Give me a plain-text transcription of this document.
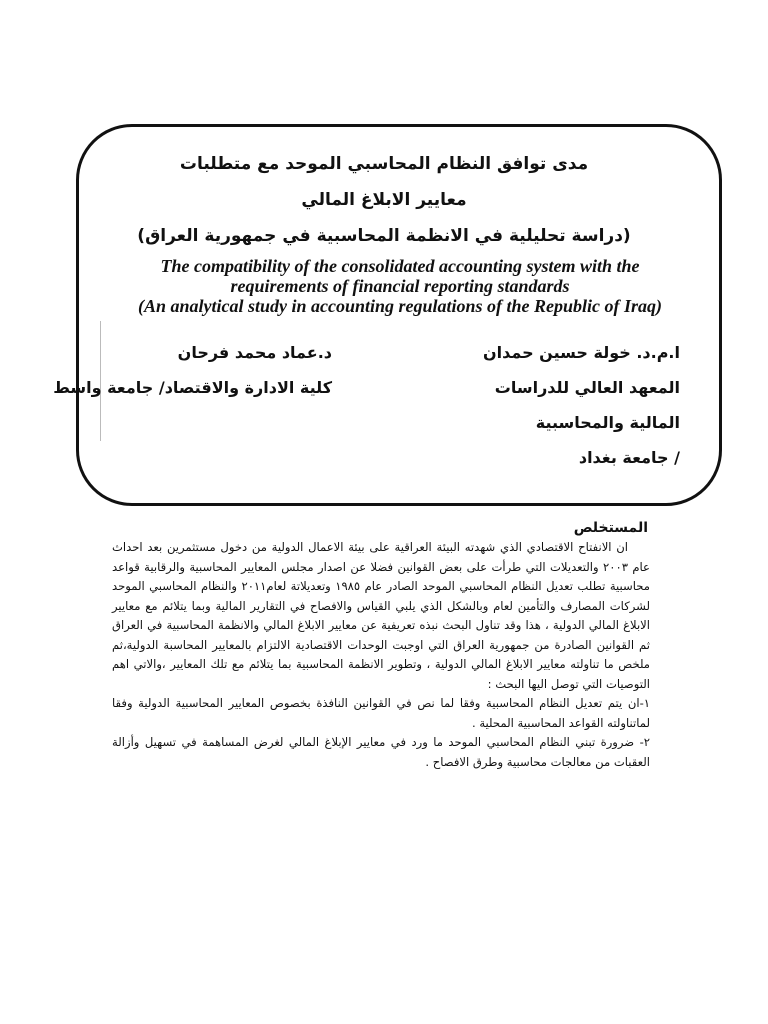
مدى توافق النظام المحاسبي الموحد مع متطلبات
معايير الابلاغ المالي
(دراسة تحليلية في الانظمة المحاسبية في جمهورية العراق)
The compatibility of the consolidated accounting system with the
requirements of financial reporting standards
(An analytical study in accounting regulations of the Republic of Iraq)
ا.م.د. خولة حسين حمدان
المعهد العالي للدراسات
المالية والمحاسبية
/ جامعة بغداد
د.عماد محمد فرحان
كلية الادارة والاقتصاد/ جامعة واسط
المستخلص

ان الانفتاح الاقتصادي الذي شهدته البيئة العراقية على بيئة الاعمال الدولية من دخول مستثمرين بعد احداث عام ٢٠٠٣ والتعديلات التي طرأت على بعض القوانين فضلا عن اصدار مجلس المعايير المحاسبية والرقابية قواعد محاسبية تطلب تعديل النظام المحاسبي الموحد الصادر عام ١٩٨٥ وتعديلاتة لعام٢٠١١ والنظام المحاسبي الموحد لشركات المصارف والتأمين لعام وبالشكل الذي يلبي القياس والافصاح في التقارير المالية وبما يتلائم مع معايير الابلاغ المالي الدولية ، هذا وقد تناول البحث نبذه تعريفية عن معايير الابلاغ المالي والانظمة المحاسبية في العراق ثم القوانين الصادرة من جمهورية العراق التي اوجبت الوحدات الاقتصادية الالتزام بالمعايير المحاسبة الدولية،ثم ملخص ما تناولته معايير الابلاغ المالي الدولية ، وتطوير الانظمة المحاسبية بما يتلائم مع تلك المعايير ،والاتي اهم التوصيات التي توصل اليها البحث :

١-ان يتم تعديل النظام المحاسبية وفقا لما نص في القوانين النافذة بخصوص المعايير المحاسبية الدولية وفقا لماتناولته القواعد المحاسبية المحلية .

٢- ضرورة تبني النظام المحاسبي الموحد ما ورد في معايير الإبلاغ المالي لغرض المساهمة في تسهيل وأزالة العقبات من معالجات محاسبية وطرق الافصاح .
